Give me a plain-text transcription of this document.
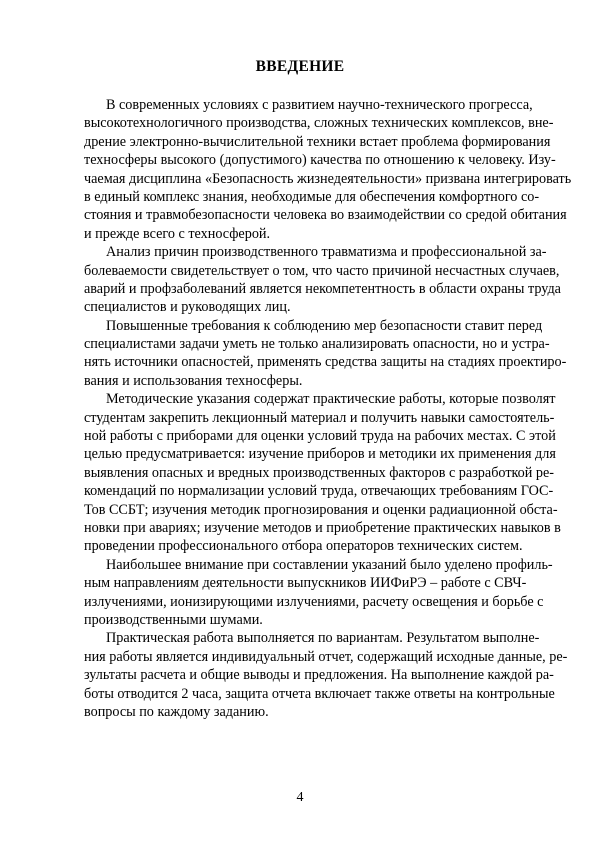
ВВЕДЕНИЕ
В современных условиях с развитием научно-технического прогресса,
высокотехнологичного производства, сложных технических комплексов, вне-
дрение электронно-вычислительной техники встает проблема формирования
техносферы высокого (допустимого) качества по отношению к человеку. Изу-
чаемая дисциплина «Безопасность жизнедеятельности» призвана интегрировать
в единый комплекс знания, необходимые для обеспечения комфортного со-
стояния и травмобезопасности человека во взаимодействии со средой обитания
и прежде всего с техносферой.
Анализ причин производственного травматизма и профессиональной за-
болеваемости свидетельствует о том, что часто причиной несчастных случаев,
аварий и профзаболеваний является некомпетентность в области охраны труда
специалистов и руководящих лиц.
Повышенные требования к соблюдению мер безопасности ставит перед
специалистами задачи уметь не только анализировать опасности, но и устра-
нять источники опасностей, применять средства защиты на стадиях проектиро-
вания и использования техносферы.
Методические указания содержат практические работы, которые позволят
студентам закрепить лекционный материал и получить навыки самостоятель-
ной работы с приборами для оценки условий труда на рабочих местах. С этой
целью предусматривается: изучение приборов и методики их применения для
выявления опасных и вредных производственных факторов с разработкой ре-
комендаций по нормализации условий труда, отвечающих требованиям ГОС-
Тов ССБТ; изучения методик прогнозирования и оценки радиационной обста-
новки при авариях; изучение методов и приобретение практических навыков в
проведении профессионального отбора операторов технических систем.
Наибольшее внимание при составлении указаний было уделено профиль-
ным направлениям деятельности выпускников ИИФиРЭ – работе с СВЧ-
излучениями, ионизирующими излучениями, расчету освещения и борьбе с
производственными шумами.
Практическая работа выполняется по вариантам. Результатом выполне-
ния работы является индивидуальный отчет, содержащий исходные данные, ре-
зультаты расчета и общие выводы и предложения. На выполнение каждой ра-
боты отводится 2 часа, защита отчета включает также ответы на контрольные
вопросы по каждому заданию.
4
